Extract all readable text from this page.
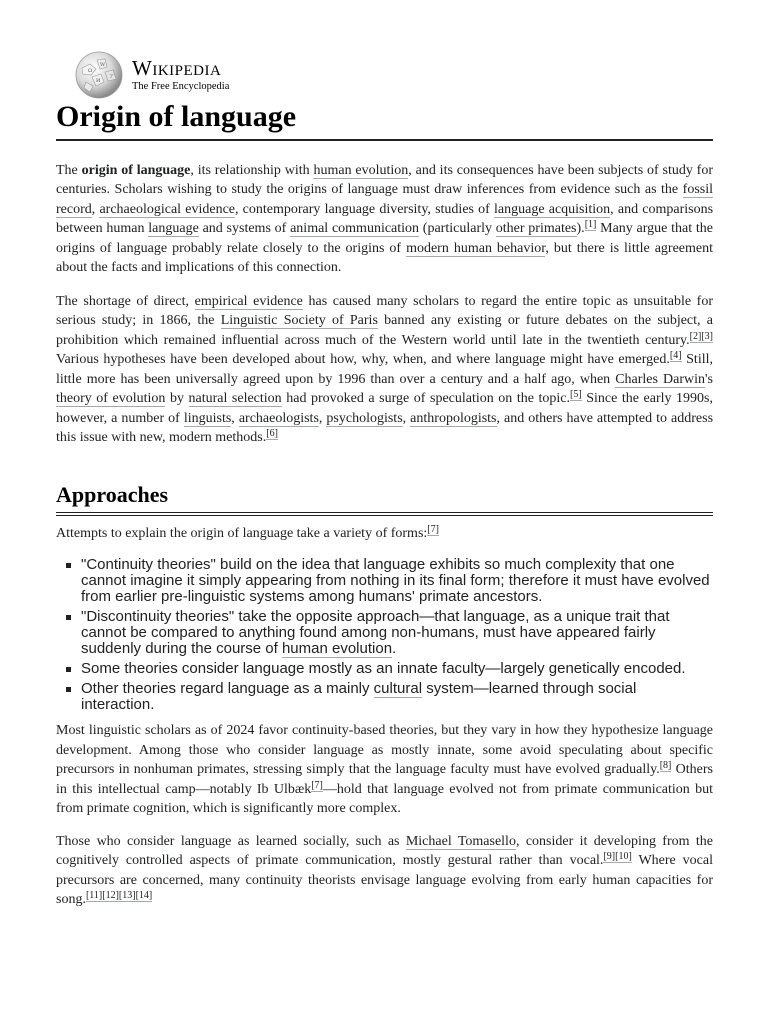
Ω
W
И
ア Wikipedia
The Free Encyclopedia
Origin of language

The origin of language, its relationship with human evolution, and its consequences have been subjects of study for centuries. Scholars wishing to study the origins of language must draw inferences from evidence such as the fossil record, archaeological evidence, contemporary language diversity, studies of language acquisition, and comparisons between human language and systems of animal communication (particularly other primates).[1] Many argue that the origins of language probably relate closely to the origins of modern human behavior, but there is little agreement about the facts and implications of this connection.

The shortage of direct, empirical evidence has caused many scholars to regard the entire topic as unsuitable for serious study; in 1866, the Linguistic Society of Paris banned any existing or future debates on the subject, a prohibition which remained influential across much of the Western world until late in the twentieth century.[2][3] Various hypotheses have been developed about how, why, when, and where language might have emerged.[4] Still, little more has been universally agreed upon by 1996 than over a century and a half ago, when Charles Darwin's theory of evolution by natural selection had provoked a surge of speculation on the topic.[5] Since the early 1990s, however, a number of linguists, archaeologists, psychologists, anthropologists, and others have attempted to address this issue with new, modern methods.[6]

Approaches
Attempts to explain the origin of language take a variety of forms:[7]
"Continuity theories" build on the idea that language exhibits so much complexity that one cannot imagine it simply appearing from nothing in its final form; therefore it must have evolved from earlier pre-linguistic systems among humans' primate ancestors.
"Discontinuity theories" take the opposite approach—that language, as a unique trait that cannot be compared to anything found among non-humans, must have appeared fairly suddenly during the course of human evolution.
Some theories consider language mostly as an innate faculty—largely genetically encoded.
Other theories regard language as a mainly cultural system—learned through social interaction.

Most linguistic scholars as of 2024 favor continuity-based theories, but they vary in how they hypothesize language development. Among those who consider language as mostly innate, some avoid speculating about specific precursors in nonhuman primates, stressing simply that the language faculty must have evolved gradually.[8] Others in this intellectual camp—notably Ib Ulbæk[7]—hold that language evolved not from primate communication but from primate cognition, which is significantly more complex.

Those who consider language as learned socially, such as Michael Tomasello, consider it developing from the cognitively controlled aspects of primate communication, mostly gestural rather than vocal.[9][10] Where vocal precursors are concerned, many continuity theorists envisage language evolving from early human capacities for song.[11][12][13][14]
